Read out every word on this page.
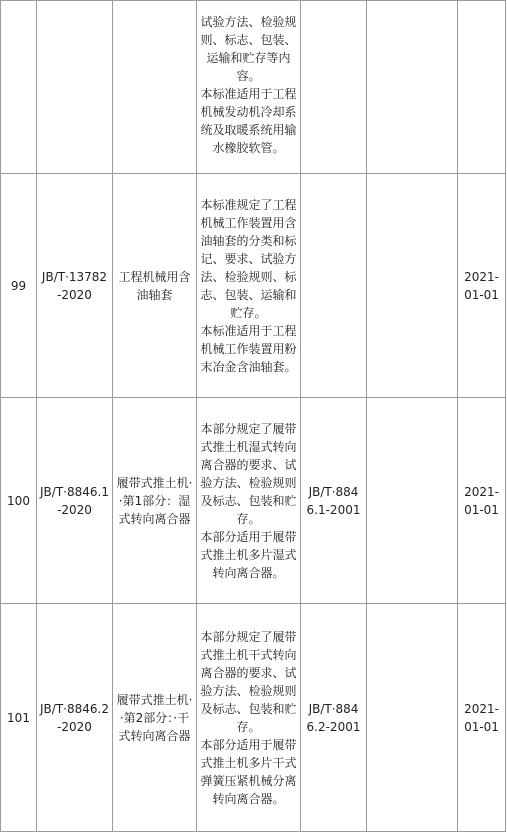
			试验方法、检验规则、标志、包装、运输和贮存等内容。

本标准适用于工程机械发动机冷却系统及取暖系统用输水橡胶软管。			

99	JB/T·13782-2020	工程机械用含油轴套	本标准规定了工程机械工作装置用含油轴套的分类和标记、要求、试验方法、检验规则、标志、包装、运输和贮存。

本标准适用于工程机械工作装置用粉末冶金含油轴套。			2021-01-01
100	JB/T·8846.1-2020	履带式推土机··第1部分：湿式转向离合器	本部分规定了履带式推土机湿式转向离合器的要求、试验方法、检验规则及标志、包装和贮存。

本部分适用于履带式推土机多片湿式转向离合器。	JB/T·8846.1-2001		2021-01-01
101	JB/T·8846.2-2020	履带式推土机··第2部分：·干式转向离合器	本部分规定了履带式推土机干式转向离合器的要求、试验方法、检验规则及标志、包装和贮存。

本部分适用于履带式推土机多片干式弹簧压紧机械分离转向离合器。	JB/T·8846.2-2001		2021-01-01
